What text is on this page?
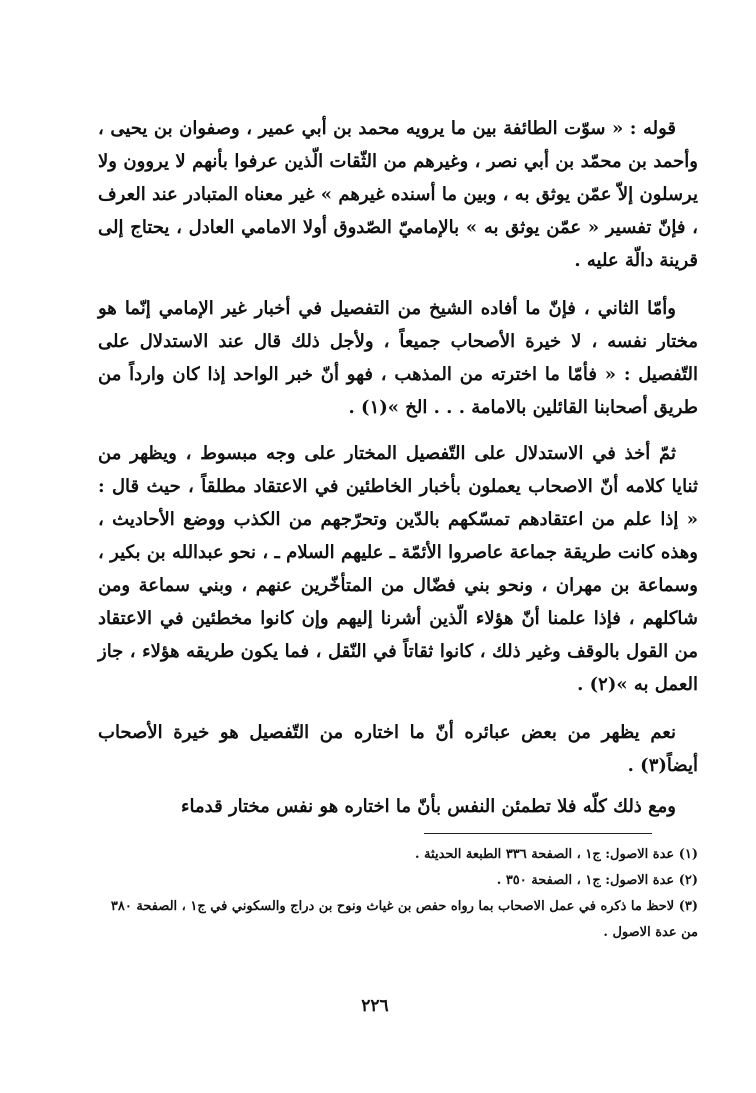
قوله : « سوّت الطائفة بين ما يرويه محمد بن أبي عمير ، وصفوان بن يحيى ، وأحمد بن محمّد بن أبي نصر ، وغيرهم من الثّقات الّذين عرفوا بأنهم لا يروون ولا يرسلون إلاّ عمّن يوثق به ، وبين ما أسنده غيرهم » غير معناه المتبادر عند العرف ، فإنّ تفسير « عمّن يوثق به » بالإماميّ الصّدوق أولا الامامي العادل ، يحتاج إلى قرينة دالّة عليه .

وأمّا الثاني ، فإنّ ما أفاده الشيخ من التفصيل في أخبار غير الإمامي إنّما هو مختار نفسه ، لا خيرة الأصحاب جميعاً ، ولأجل ذلك قال عند الاستدلال على التّفصيل : « فأمّا ما اخترته من المذهب ، فهو أنّ خبر الواحد إذا كان وارداً من طريق أصحابنا القائلين بالامامة . . . الخ »(١) .

ثمّ أخذ في الاستدلال على التّفصيل المختار على وجه مبسوط ، ويظهر من ثنايا كلامه أنّ الاصحاب يعملون بأخبار الخاطئين في الاعتقاد مطلقاً ، حيث قال : « إذا علم من اعتقادهم تمسّكهم بالدّين وتحرّجهم من الكذب ووضع الأحاديث ، وهذه كانت طريقة جماعة عاصروا الأئمّة ـ عليهم السلام ـ ، نحو عبدالله بن بكير ، وسماعة بن مهران ، ونحو بني فضّال من المتأخّرين عنهم ، وبني سماعة ومن شاكلهم ، فإذا علمنا أنّ هؤلاء الّذين أشرنا إليهم وإن كانوا مخطئين في الاعتقاد من القول بالوقف وغير ذلك ، كانوا ثقاتاً في النّقل ، فما يكون طريقه هؤلاء ، جاز العمل به »(٢) .

نعم يظهر من بعض عبائره أنّ ما اختاره من التّفصيل هو خيرة الأصحاب أيضاً(٣) .

ومع ذلك كلّه فلا تطمئن النفس بأنّ ما اختاره هو نفس مختار قدماء

(١) عدة الاصول: ج١ ، الصفحة ٣٣٦ الطبعة الحديثة .

(٢) عدة الاصول: ج١ ، الصفحة ٣٥٠ .

(٣) لاحظ ما ذكره في عمل الاصحاب بما رواه حفص بن غياث ونوح بن دراج والسكوني في ج١ ، الصفحة ٣٨٠ من عدة الاصول .

٢٢٦
